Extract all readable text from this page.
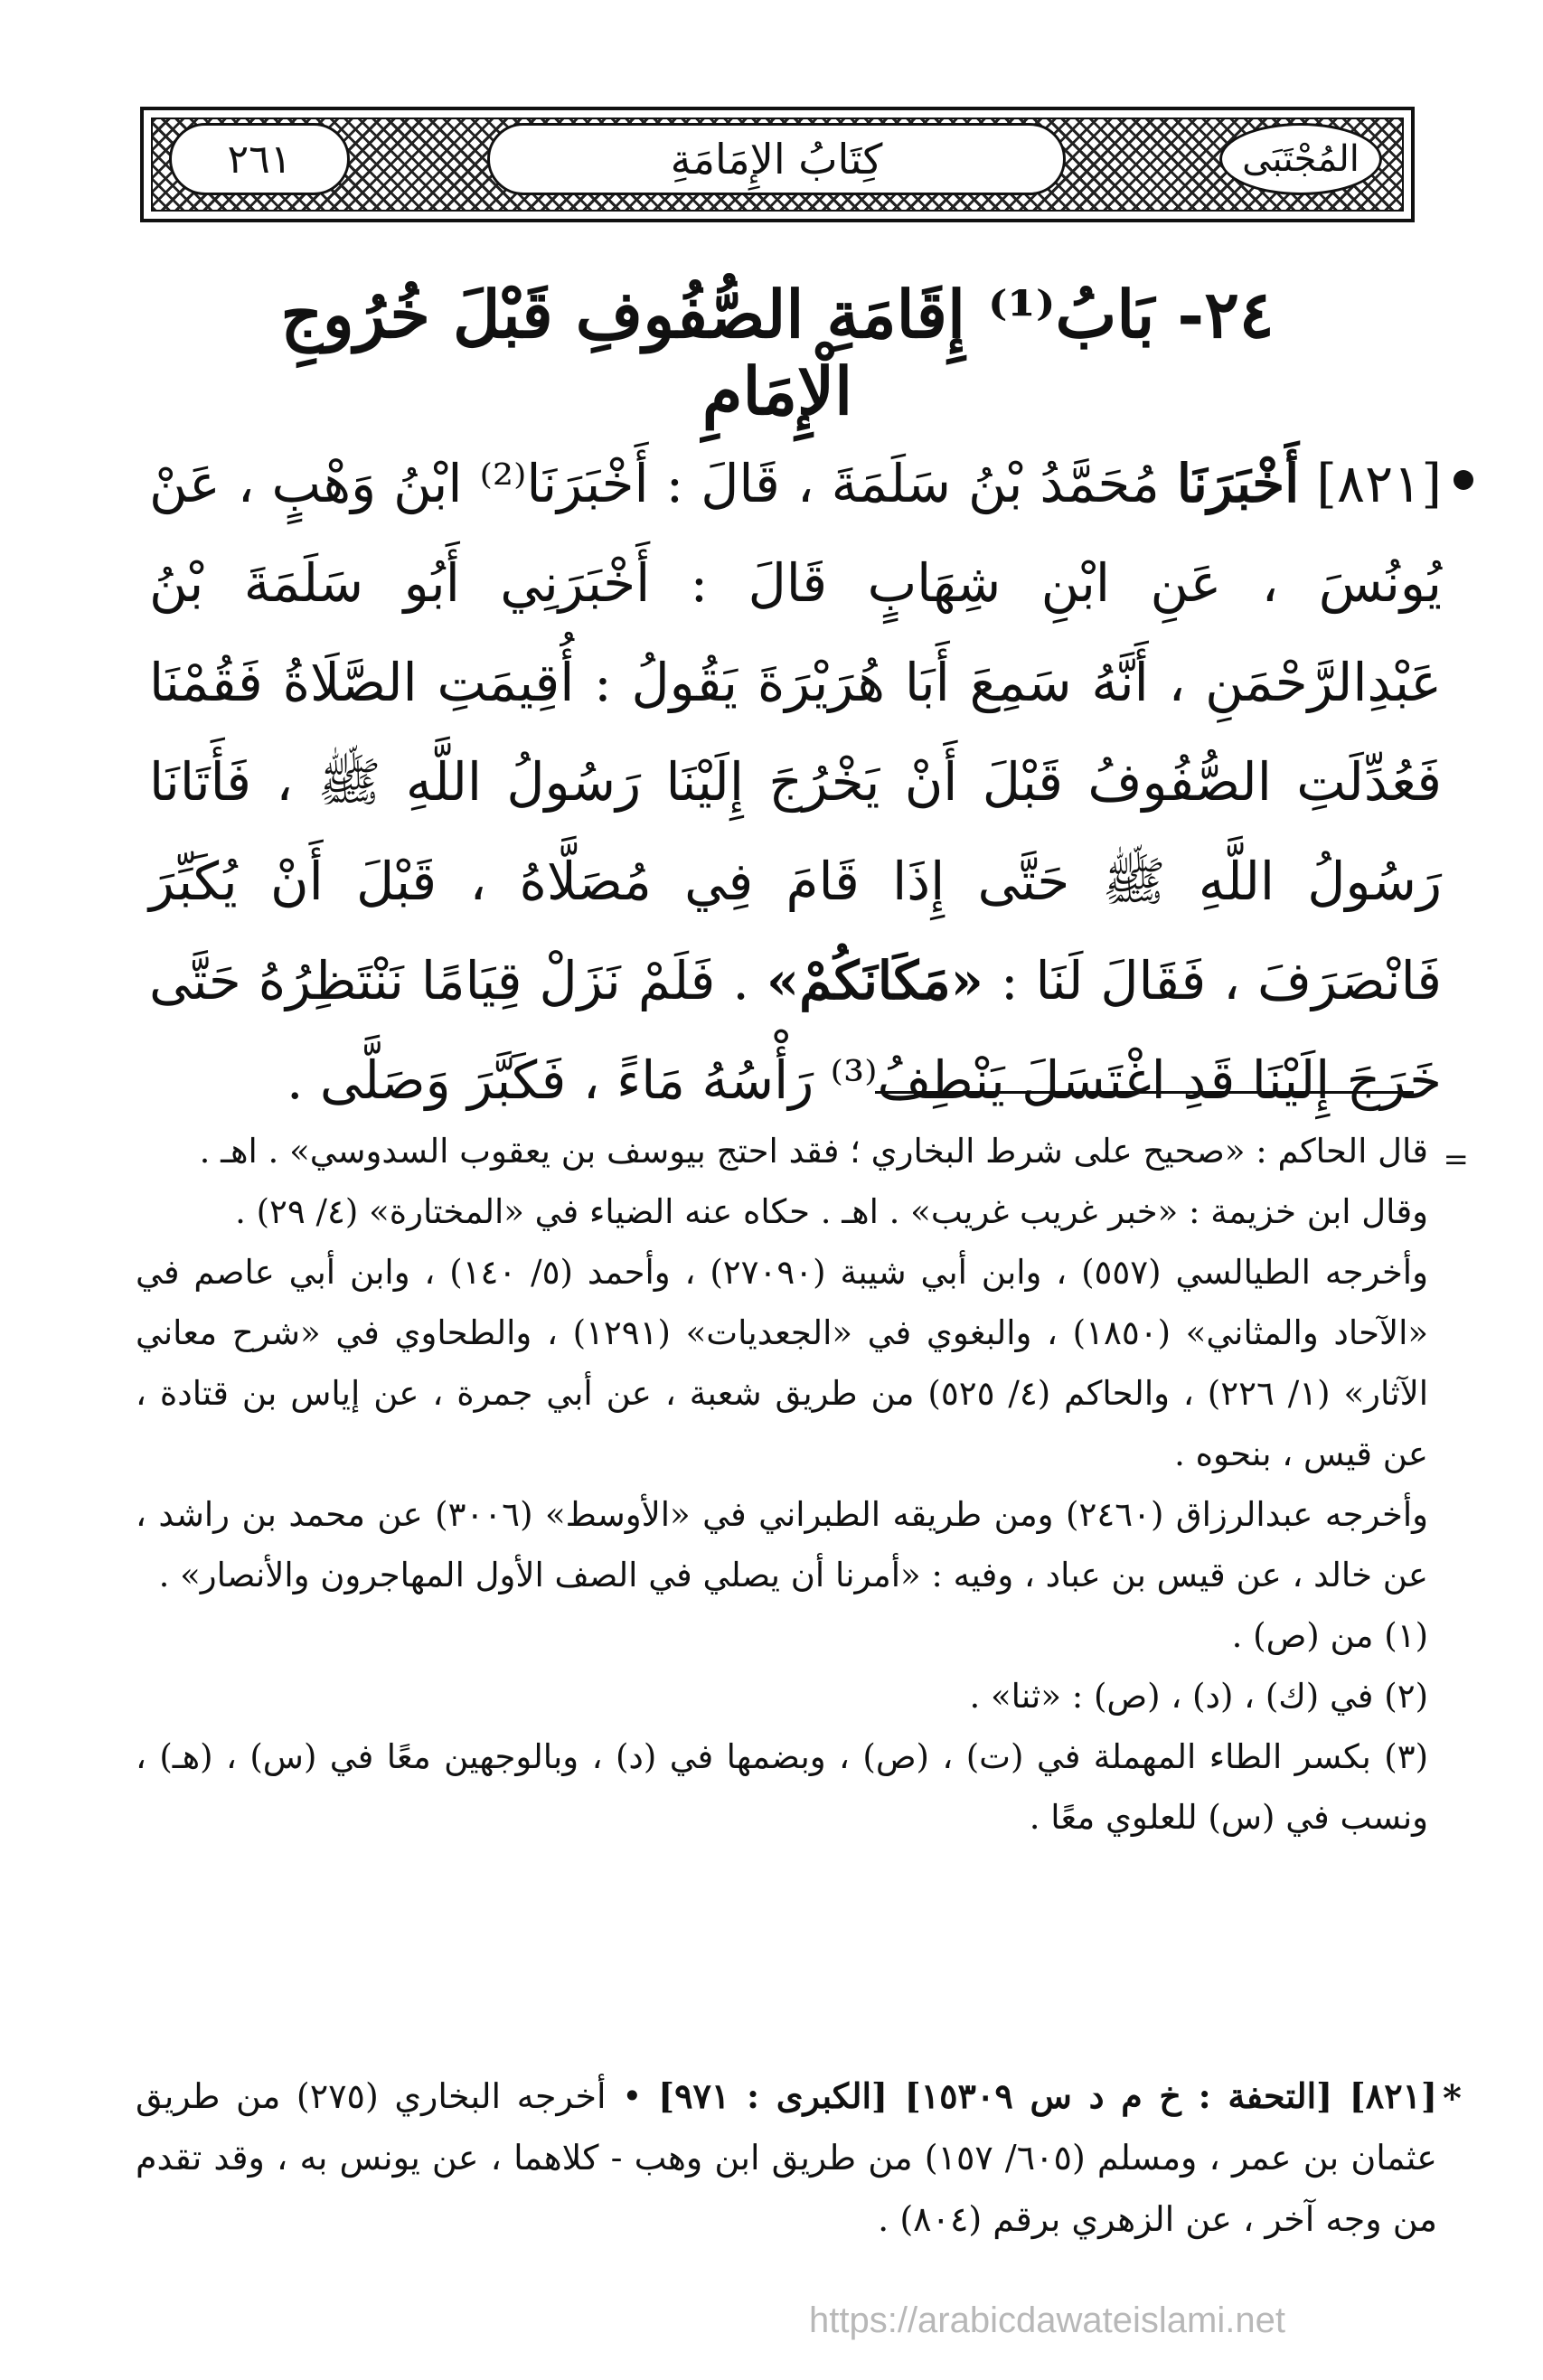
٢٦١	كِتَابُ الإِمَامَةِ	المُجْتَبَى
٢٤- بَابُ⁽¹⁾ إِقَامَةِ الصُّفُوفِ قَبْلَ خُرُوجِ الْإِمَامِ
[٨٢١] أَخْبَرَنَا مُحَمَّدُ بْنُ سَلَمَةَ ، قَالَ : أَخْبَرَنَا⁽²⁾ ابْنُ وَهْبٍ ، عَنْ يُونُسَ ، عَنِ ابْنِ شِهَابٍ قَالَ : أَخْبَرَنِي أَبُو سَلَمَةَ بْنُ عَبْدِالرَّحْمَنِ ، أَنَّهُ سَمِعَ أَبَا هُرَيْرَةَ يَقُولُ : أُقِيمَتِ الصَّلَاةُ فَقُمْنَا فَعُدِّلَتِ الصُّفُوفُ قَبْلَ أَنْ يَخْرُجَ إِلَيْنَا رَسُولُ اللَّهِ ﷺ ، فَأَتَانَا رَسُولُ اللَّهِ ﷺ حَتَّى إِذَا قَامَ فِي مُصَلَّاهُ ، قَبْلَ أَنْ يُكَبِّرَ فَانْصَرَفَ ، فَقَالَ لَنَا : «مَكَانَكُمْ» . فَلَمْ نَزَلْ قِيَامًا نَنْتَظِرُهُ حَتَّى خَرَجَ إِلَيْنَا قَدِ اغْتَسَلَ يَنْطِفُ⁽³⁾ رَأْسُهُ مَاءً ، فَكَبَّرَ وَصَلَّى .
=

قال الحاكم : «صحيح على شرط البخاري ؛ فقد احتج بيوسف بن يعقوب السدوسي» . اهـ .

وقال ابن خزيمة : «خبر غريب غريب» . اهـ . حكاه عنه الضياء في «المختارة» (٤/ ٢٩) .

وأخرجه الطيالسي (٥٥٧) ، وابن أبي شيبة (٢٧٠٩٠) ، وأحمد (٥/ ١٤٠) ، وابن أبي عاصم في «الآحاد والمثاني» (١٨٥٠) ، والبغوي في «الجعديات» (١٢٩١) ، والطحاوي في «شرح معاني الآثار» (١/ ٢٢٦) ، والحاكم (٤/ ٥٢٥) من طريق شعبة ، عن أبي جمرة ، عن إياس بن قتادة ، عن قيس ، بنحوه .

وأخرجه عبدالرزاق (٢٤٦٠) ومن طريقه الطبراني في «الأوسط» (٣٠٠٦) عن محمد بن راشد ، عن خالد ، عن قيس بن عباد ، وفيه : «أمرنا أن يصلي في الصف الأول المهاجرون والأنصار» .

(١) من (ص) .

(٢) في (ك) ، (د) ، (ص) : «ثنا» .

(٣) بكسر الطاء المهملة في (ت) ، (ص) ، وبضمها في (د) ، وبالوجهين معًا في (س) ، (هـ) ، ونسب في (س) للعلوي معًا .

*

[٨٢١] [التحفة : خ م د س ١٥٣٠٩] [الكبرى : ٩٧١] • أخرجه البخاري (٢٧٥) من طريق عثمان بن عمر ، ومسلم (٦٠٥/ ١٥٧) من طريق ابن وهب - كلاهما ، عن يونس به ، وقد تقدم من وجه آخر ، عن الزهري برقم (٨٠٤) .

https://arabicdawateislami.net
